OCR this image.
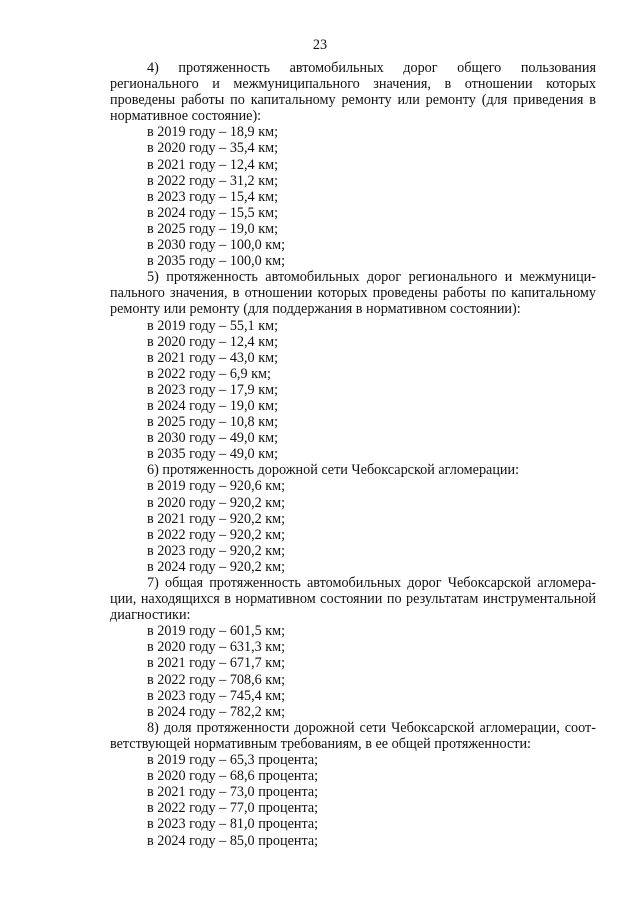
23

4) протяженность автомобильных дорог общего пользования регионального и межмуниципального значения, в отношении которых проведены работы по капитальному ремонту или ремонту (для приведения в нормативное состояние):

в 2019 году – 18,9 км;
в 2020 году – 35,4 км;
в 2021 году – 12,4 км;
в 2022 году – 31,2 км;
в 2023 году – 15,4 км;
в 2024 году – 15,5 км;
в 2025 году – 19,0 км;
в 2030 году – 100,0 км;
в 2035 году – 100,0 км;

5) протяженность автомобильных дорог регионального и межмуниципального значения, в отношении которых проведены работы по капитальному ремонту или ремонту (для поддержания в нормативном состоянии):

в 2019 году – 55,1 км;
в 2020 году – 12,4 км;
в 2021 году – 43,0 км;
в 2022 году – 6,9 км;
в 2023 году – 17,9 км;
в 2024 году – 19,0 км;
в 2025 году – 10,8 км;
в 2030 году – 49,0 км;
в 2035 году – 49,0 км;

6) протяженность дорожной сети Чебоксарской агломерации:

в 2019 году – 920,6 км;
в 2020 году – 920,2 км;
в 2021 году – 920,2 км;
в 2022 году – 920,2 км;
в 2023 году – 920,2 км;
в 2024 году – 920,2 км;

7) общая протяженность автомобильных дорог Чебоксарской агломерации, находящихся в нормативном состоянии по результатам инструментальной диагностики:

в 2019 году – 601,5 км;
в 2020 году – 631,3 км;
в 2021 году – 671,7 км;
в 2022 году – 708,6 км;
в 2023 году – 745,4 км;
в 2024 году – 782,2 км;

8) доля протяженности дорожной сети Чебоксарской агломерации, соответствующей нормативным требованиям, в ее общей протяженности:

в 2019 году – 65,3 процента;
в 2020 году – 68,6 процента;
в 2021 году – 73,0 процента;
в 2022 году – 77,0 процента;
в 2023 году – 81,0 процента;
в 2024 году – 85,0 процента;
